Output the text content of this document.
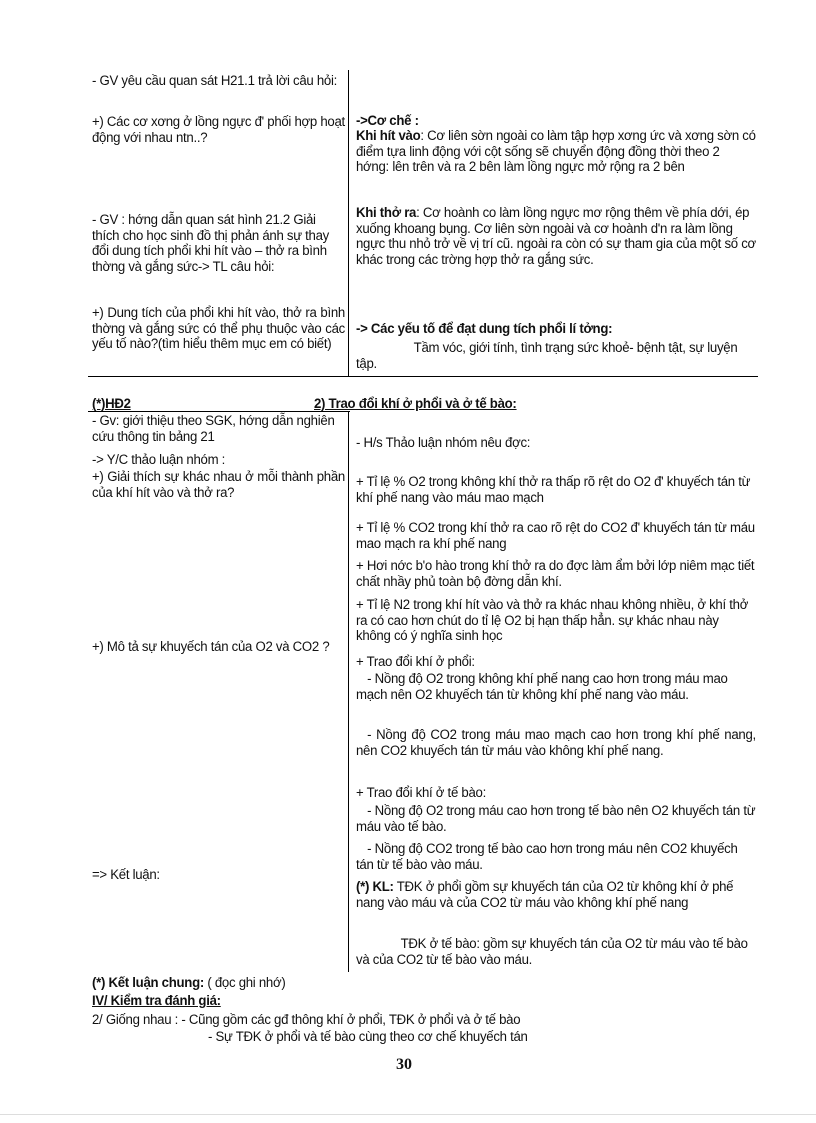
- GV yêu cầu quan sát H21.1 trả lời câu hỏi:
+) Các cơ xơng ở lồng ngực đ' phối hợp hoạt động với nhau ntn..?
- GV : hớng dẫn quan sát hình 21.2 Giải thích cho học sinh đồ thị phản ánh sự thay đổi dung tích phổi khi hít vào – thở ra bình thờng và gắng sức-> TL câu hỏi:
+) Dung tích của phổi khi hít vào, thở ra bình thờng và gắng sức có thể phụ thuộc vào các yếu tố nào?(tìm hiểu thêm mục em có biết)
->Cơ chế :
Khi hít vào: Cơ liên sờn ngoài co làm tập hợp xơng ức và xơng sờn có điểm tựa linh động với cột sống sẽ chuyển động đồng thời theo 2 hớng: lên trên và ra 2 bên làm lồng ngực mở rộng ra 2 bên
Khi thở ra: Cơ hoành co làm lồng ngực mơ rộng thêm về phía dới, ép xuống khoang bụng. Cơ liên sờn ngoài và cơ hoành d'n ra làm lồng ngực thu nhỏ trở về vị trí cũ. ngoài ra còn có sự tham gia của một số cơ khác trong các trờng hợp thở ra gắng sức.
-> Các yếu tố để đạt dung tích phổi lí tởng:
Tầm vóc, giới tính, tình trạng sức khoẻ- bệnh tật, sự luyện tập.
(*)HĐ2	2) Trao đổi khí ở phổi và ở tế bào:
- Gv: giới thiệu theo SGK, hớng dẫn nghiên cứu thông tin bảng 21
-> Y/C thảo luận nhóm :
+) Giải thích sự khác nhau ở mỗi thành phần của khí hít vào và thở ra?
+) Mô tả sự khuyếch tán của O2 và CO2 ?
=> Kết luận:
- H/s Thảo luận nhóm nêu đợc:
+ Tỉ lệ % O2 trong không khí thở ra thấp rõ rệt do O2 đ' khuyếch tán từ khí phế nang vào máu mao mạch
+ Tỉ lệ % CO2 trong khí thở ra cao rõ rệt do CO2 đ' khuyếch tán từ máu mao mạch ra khí phế nang
+ Hơi nớc b'o hào trong khí thở ra do đợc làm ẩm bởi lớp niêm mạc tiết chất nhầy phủ toàn bộ đờng dẫn khí.
+ Tỉ lệ N2 trong khí hít vào và thở ra khác nhau không nhiều, ở khí thở ra có cao hơn chút do tỉ lệ O2 bị hạn thấp hẳn. sự khác nhau này không có ý nghĩa sinh học
+ Trao đổi khí ở phổi:
- Nồng độ O2 trong không khí phế nang cao hơn trong máu mao mạch nên O2 khuyếch tán từ không khí phế nang vào máu.
- Nồng độ CO2 trong máu mao mạch cao hơn trong khí phế nang, nên CO2 khuyếch tán từ máu vào không khí phế nang.
+ Trao đổi khí ở tế bào:
- Nồng độ O2 trong máu cao hơn trong tế bào nên O2 khuyếch tán từ máu vào tế bào.
- Nồng độ CO2 trong tế bào cao hơn trong máu nên CO2 khuyếch tán từ tế bào vào máu.
(*) KL: TĐK ở phổi gồm sự khuyếch tán của O2 từ không khí ở phế nang vào máu và của CO2 từ máu vào không khí phế nang
TĐK ở tế bào: gồm sự khuyếch tán của O2 từ máu vào tế bào và của CO2 từ tế bào vào máu.
(*) Kết luận chung: ( đọc ghi nhớ)
IV/ Kiểm tra đánh giá:
2/ Giống nhau : - Cũng gồm các gđ thông khí ở phổi, TĐK ở phổi và ở tế bào
- Sự TĐK ở phổi và tế bào cùng theo cơ chế khuyếch tán
30
